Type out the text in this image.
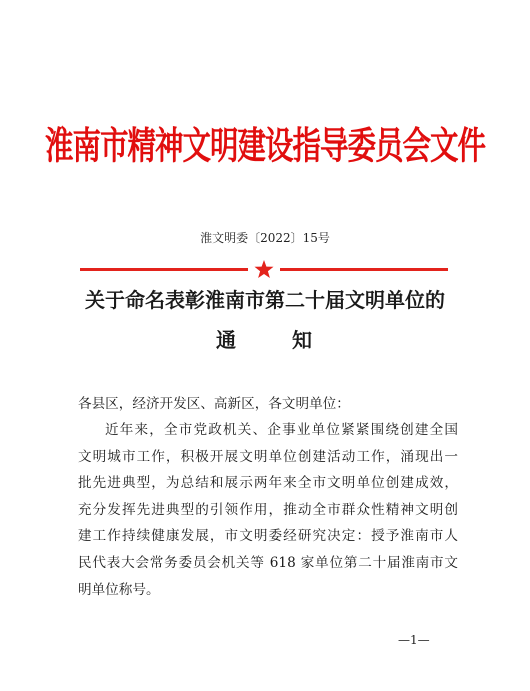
淮南市精神文明建设指导委员会文件
淮文明委〔2022〕15号
关于命名表彰淮南市第二十届文明单位的
通	知
各县区，经济开发区、高新区，各文明单位：
近年来，全市党政机关、企事业单位紧紧围绕创建全国
文明城市工作，积极开展文明单位创建活动工作，涌现出一
批先进典型，为总结和展示两年来全市文明单位创建成效，
充分发挥先进典型的引领作用，推动全市群众性精神文明创
建工作持续健康发展，市文明委经研究决定：授予淮南市人
民代表大会常务委员会机关等 618 家单位第二十届淮南市文
明单位称号。
—1—
